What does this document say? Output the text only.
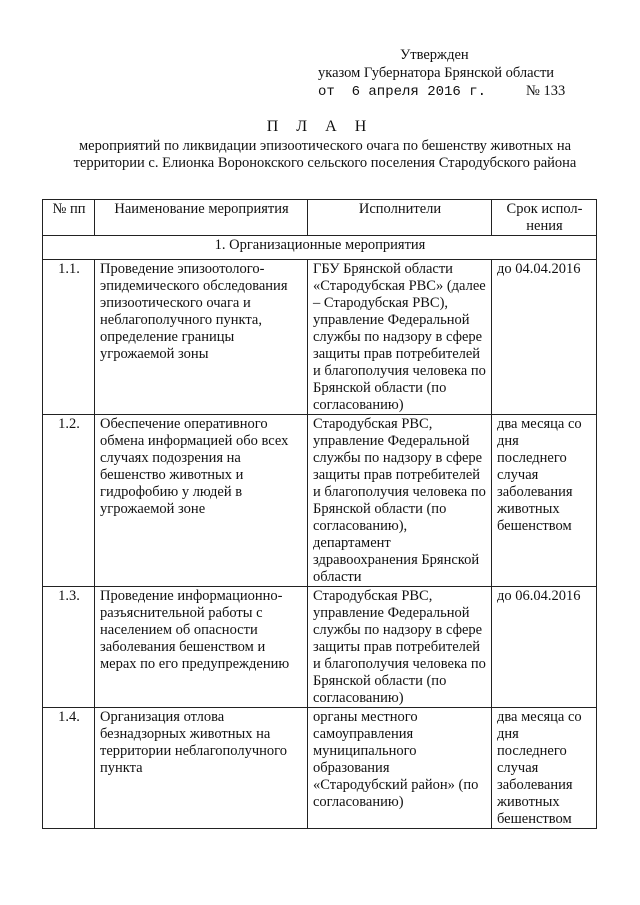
Утвержден
указом Губернатора Брянской области
от  6 апреля 2016 г.	№ 133
П Л А Н
мероприятий по ликвидации эпизоотического очага по бешенству животных на территории с. Елионка Воронокского сельского поселения Стародубского района
№ пп	Наименование мероприятия	Исполнители	Срок испол-нения
1. Организационные мероприятия			
1.1.	Проведение эпизоотолого-эпидемического обследования эпизоотического очага и неблагополучного пункта, определение границы угрожаемой зоны	ГБУ Брянской области «Стародубская РВС» (далее – Стародубская РВС), управление Федеральной службы по надзору в сфере защиты прав потребителей и благополучия человека по Брянской области (по согласованию)	до 04.04.2016
1.2.	Обеспечение оперативного обмена информацией обо всех случаях подозрения на бешенство животных и гидрофобию у людей в угрожаемой зоне	Стародубская РВС, управление Федеральной службы по надзору в сфере защиты прав потребителей и благополучия человека по Брянской области (по согласованию), департамент здравоохранения Брянской области	два месяца со дня последнего случая заболевания животных бешенством
1.3.	Проведение информационно-разъяснительной работы с населением об опасности заболевания бешенством и мерах по его предупреждению	Стародубская РВС, управление Федеральной службы по надзору в сфере защиты прав потребителей и благополучия человека по Брянской области (по согласованию)	до 06.04.2016
1.4.	Организация отлова безнадзорных животных на территории неблагополучного пункта	органы местного самоуправления муниципального образования «Стародубский район» (по согласованию)	два месяца со дня последнего случая заболевания животных бешенством
